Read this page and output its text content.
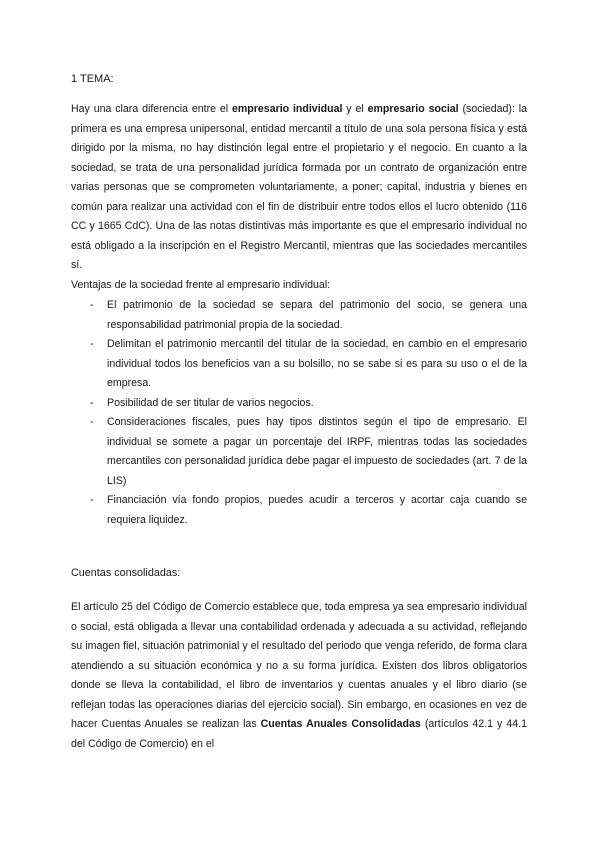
1 TEMA:

Hay una clara diferencia entre el empresario individual y el empresario social (sociedad): la primera es una empresa unipersonal, entidad mercantil a título de una sola persona física y está dirigido por la misma, no hay distinción legal entre el propietario y el negocio. En cuanto a la sociedad, se trata de una personalidad jurídica formada por un contrato de organización entre varias personas que se comprometen voluntariamente, a poner; capital, industria y bienes en común para realizar una actividad con el fin de distribuir entre todos ellos el lucro obtenido (116 CC y 1665 CdC). Una de las notas distintivas más importante es que el empresario individual no está obligado a la inscripción en el Registro Mercantil, mientras que las sociedades mercantiles sí.

Ventajas de la sociedad frente al empresario individual:

- El patrimonio de la sociedad se separa del patrimonio del socio, se genera una responsabilidad patrimonial propia de la sociedad.
- Delimitan el patrimonio mercantil del titular de la sociedad, en cambio en el empresario individual todos los beneficios van a su bolsillo, no se sabe si es para su uso o el de la empresa.
- Posibilidad de ser titular de varios negocios.
- Consideraciones fiscales, pues hay tipos distintos según el tipo de empresario. El individual se somete a pagar un porcentaje del IRPF, mientras todas las sociedades mercantiles con personalidad jurídica debe pagar el impuesto de sociedades (art. 7 de la LIS)
- Financiación vía fondo propios, puedes acudir a terceros y acortar caja cuando se requiera liquidez.
Cuentas consolidadas:

El artículo 25 del Código de Comercio establece que, toda empresa ya sea empresario individual o social, está obligada a llevar una contabilidad ordenada y adecuada a su actividad, reflejando su imagen fiel, situación patrimonial y el resultado del periodo que venga referido, de forma clara atendiendo a su situación económica y no a su forma jurídica. Existen dos libros obligatorios donde se lleva la contabilidad, el libro de inventarios y cuentas anuales y el libro diario (se reflejan todas las operaciones diarias del ejercicio social). Sin embargo, en ocasiones en vez de hacer Cuentas Anuales se realizan las Cuentas Anuales Consolidadas (artículos 42.1 y 44.1 del Código de Comercio) en el
